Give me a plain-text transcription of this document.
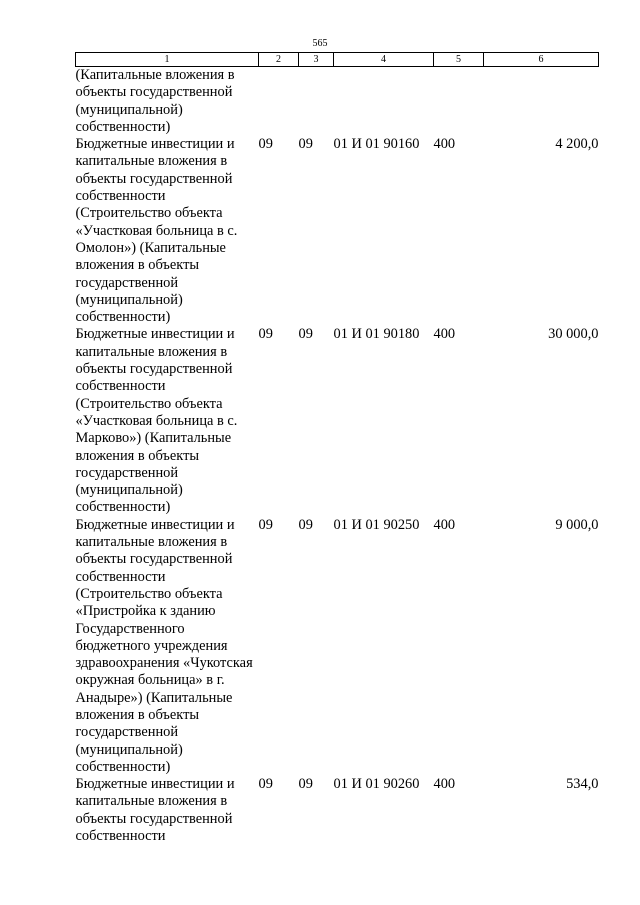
565
1	2	3	4	5	6
(Капитальные вложения в объекты государственной (муниципальной) собственности)					
Бюджетные инвестиции и капитальные вложения в объекты государственной собственности (Строительство объекта «Участковая больница в с. Омолон») (Капитальные вложения в объекты государственной (муниципальной) собственности)	09	09	01 И 01 90160	400	4 200,0
Бюджетные инвестиции и капитальные вложения в объекты государственной собственности (Строительство объекта «Участковая больница в с. Марково») (Капитальные вложения в объекты государственной (муниципальной) собственности)	09	09	01 И 01 90180	400	30 000,0
Бюджетные инвестиции и капитальные вложения в объекты государственной собственности (Строительство объекта «Пристройка к зданию Государственного бюджетного учреждения здравоохранения «Чукотская окружная больница» в г. Анадыре») (Капитальные вложения в объекты государственной (муниципальной) собственности)	09	09	01 И 01 90250	400	9 000,0
Бюджетные инвестиции и капитальные вложения в объекты государственной собственности	09	09	01 И 01 90260	400	534,0
